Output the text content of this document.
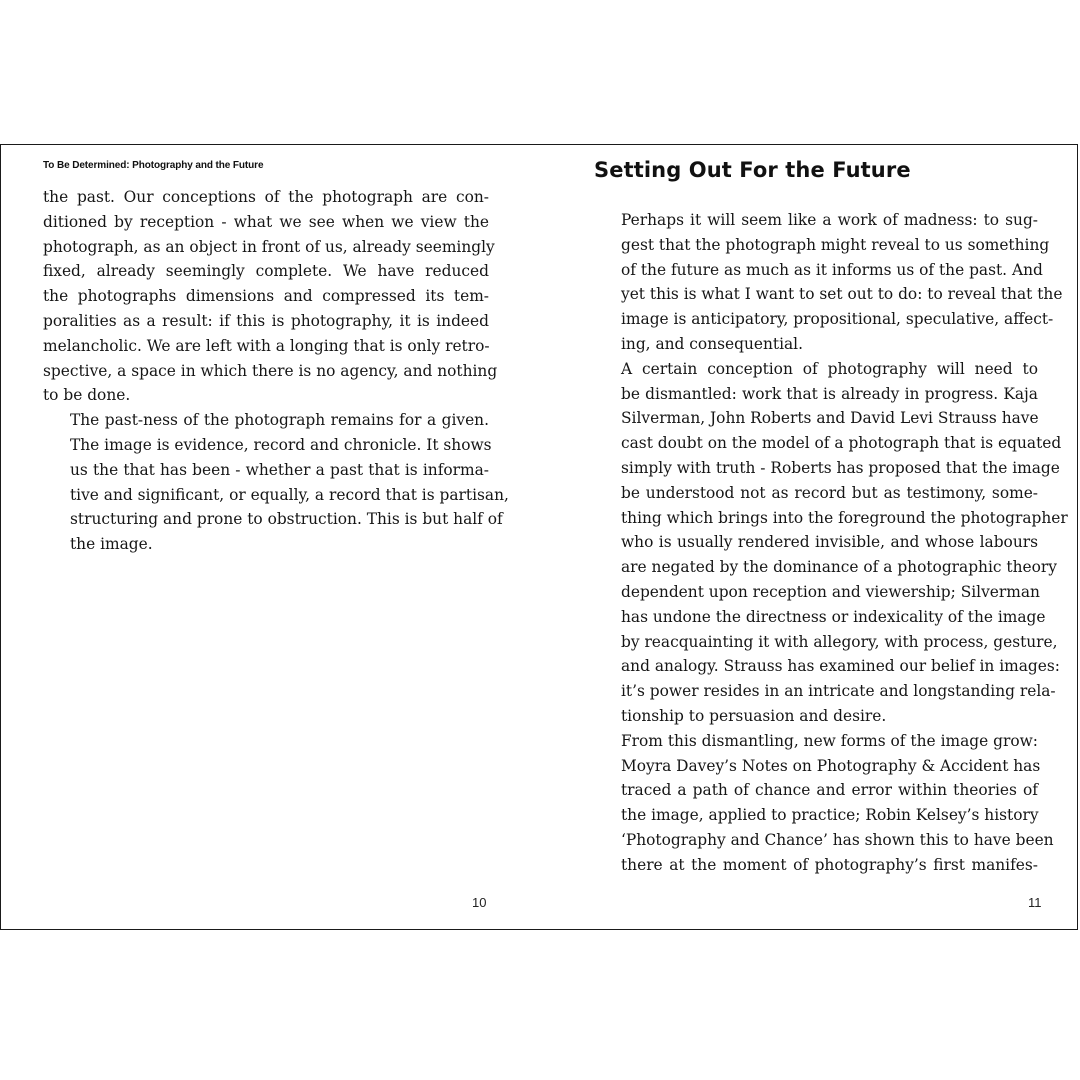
To Be Determined: Photography and the Future

the past. Our conceptions of the photograph are con-
ditioned by reception - what we see when we view the
photograph, as an object in front of us, already seemingly
fixed, already seemingly complete. We have reduced
the photographs dimensions and compressed its tem-
poralities as a result: if this is photography, it is indeed
melancholic. We are left with a longing that is only retro-
spective, a space in which there is no agency, and nothing
to be done.

The past-ness of the photograph remains for a given.
The image is evidence, record and chronicle. It shows
us the that has been - whether a past that is informa-
tive and significant, or equally, a record that is partisan,
structuring and prone to obstruction. This is but half of
the image.

10

Setting Out For the Future

Perhaps it will seem like a work of madness: to sug-
gest that the photograph might reveal to us something
of the future as much as it informs us of the past. And
yet this is what I want to set out to do: to reveal that the
image is anticipatory, propositional, speculative, affect-
ing, and consequential.

A certain conception of photography will need to
be dismantled: work that is already in progress. Kaja
Silverman, John Roberts and David Levi Strauss have
cast doubt on the model of a photograph that is equated
simply with truth - Roberts has proposed that the image
be understood not as record but as testimony, some-
thing which brings into the foreground the photographer
who is usually rendered invisible, and whose labours
are negated by the dominance of a photographic theory
dependent upon reception and viewership; Silverman
has undone the directness or indexicality of the image
by reacquainting it with allegory, with process, gesture,
and analogy. Strauss has examined our belief in images:
it’s power resides in an intricate and longstanding rela-
tionship to persuasion and desire.

From this dismantling, new forms of the image grow:
Moyra Davey’s Notes on Photography & Accident has
traced a path of chance and error within theories of
the image, applied to practice; Robin Kelsey’s history
‘Photography and Chance’ has shown this to have been
there at the moment of photography’s first manifes-

11
